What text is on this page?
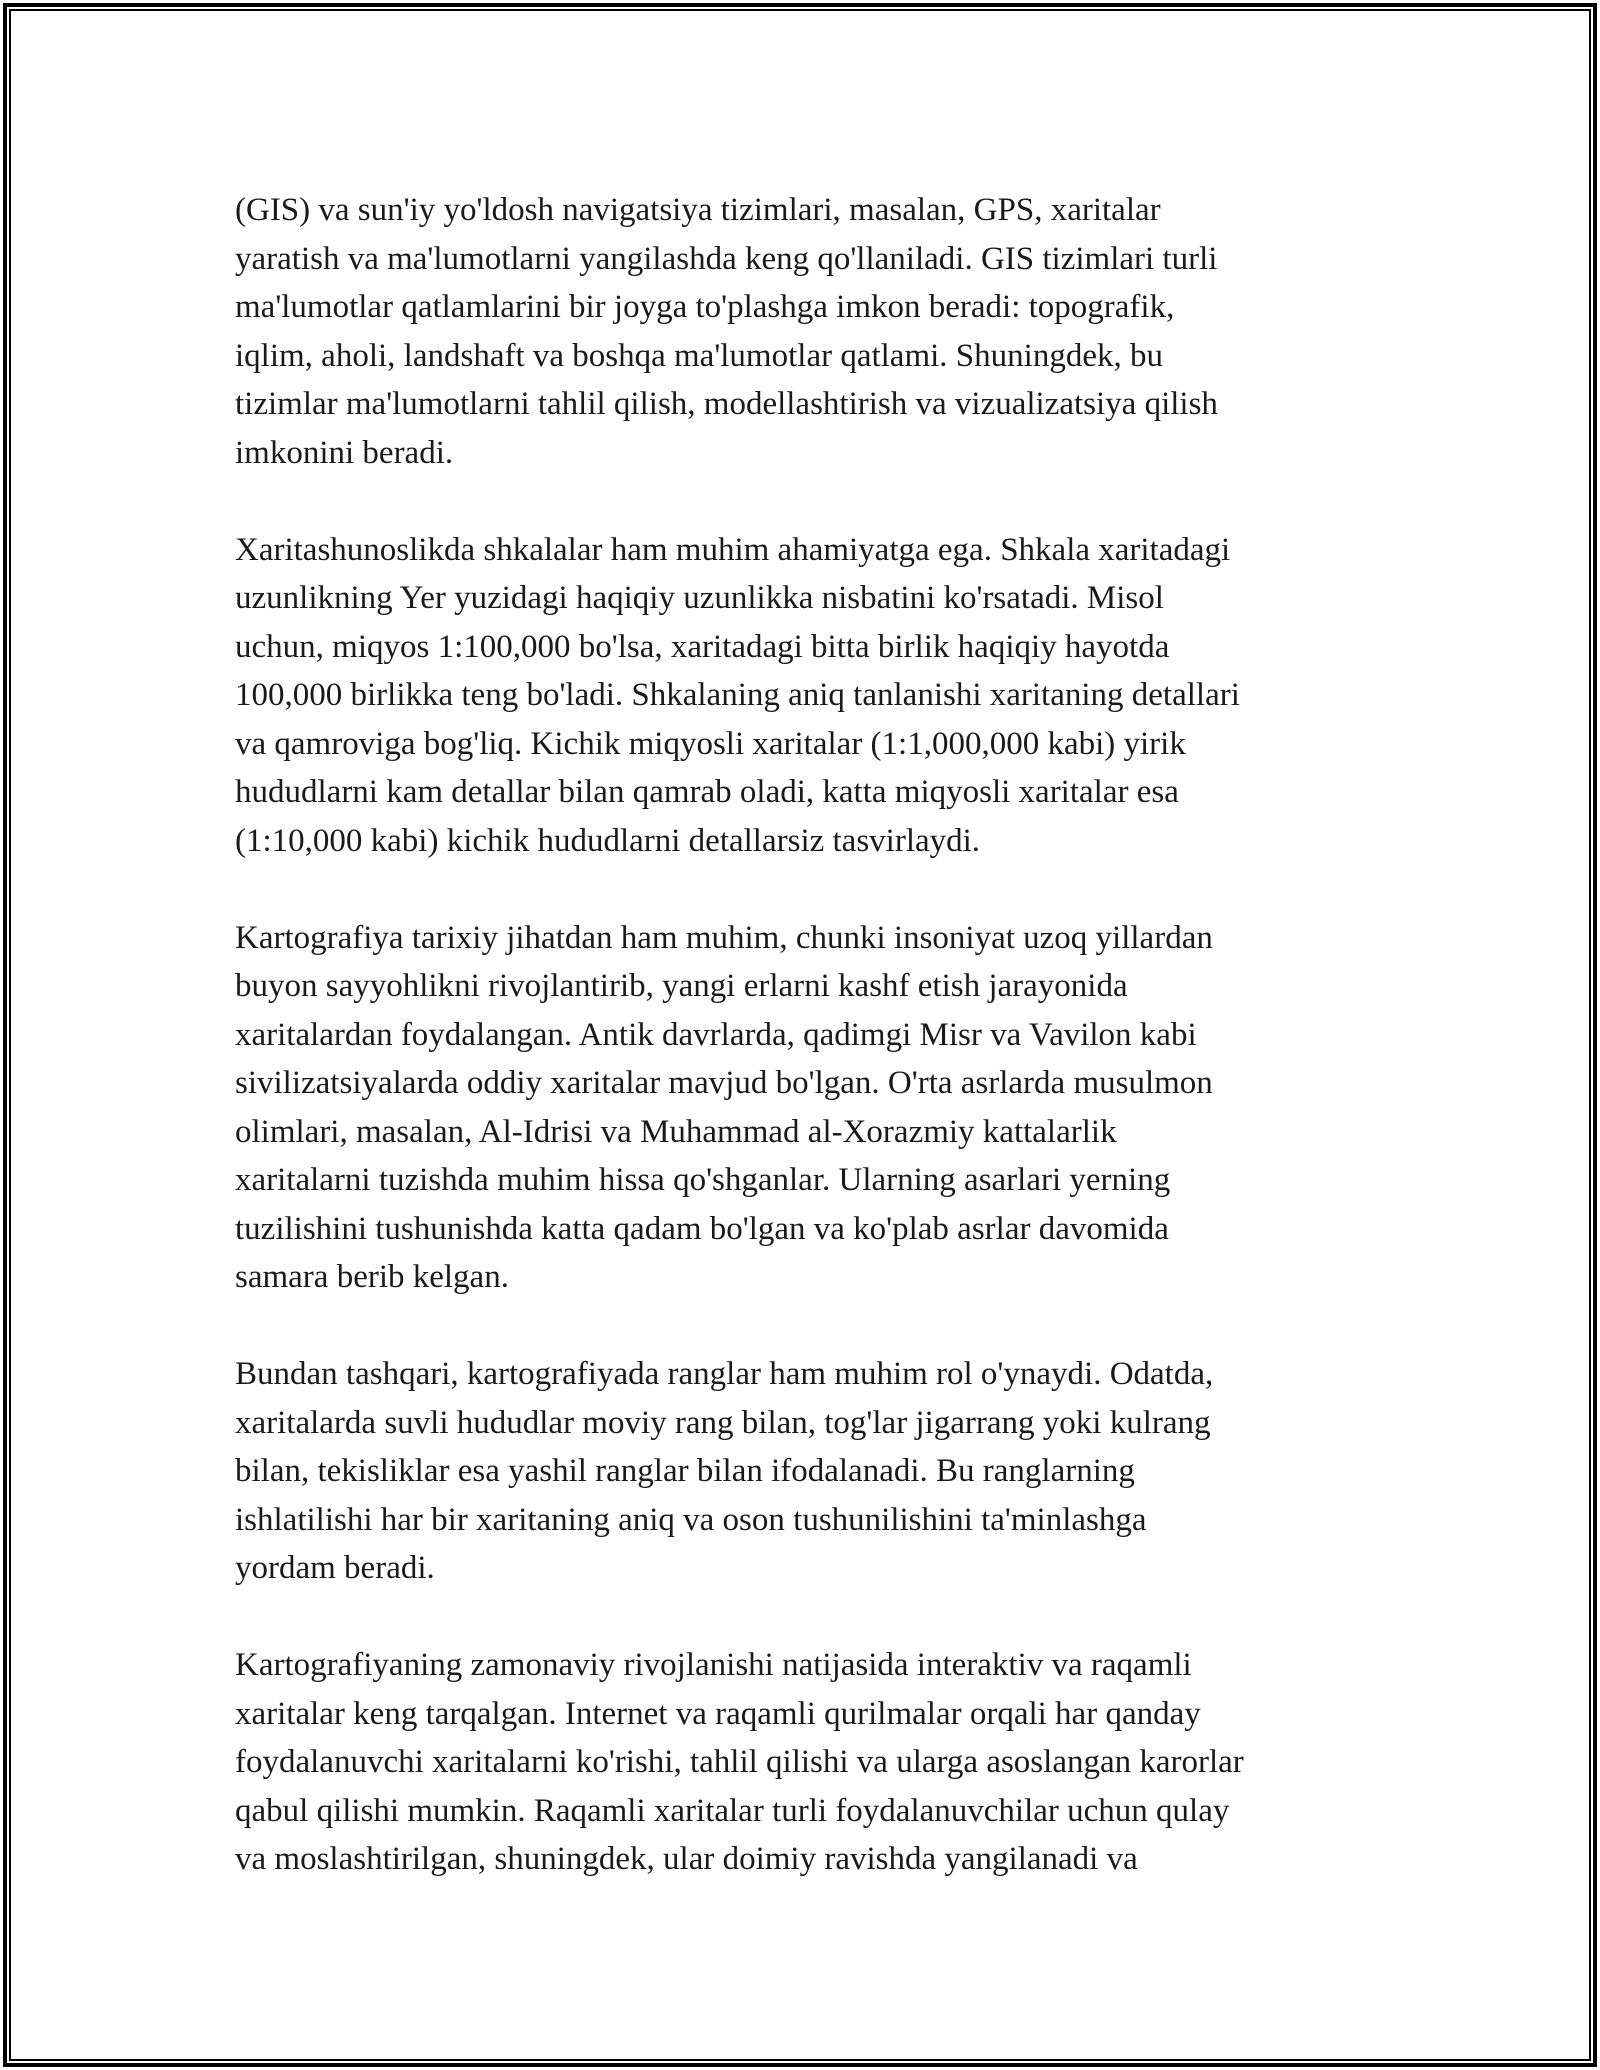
(GIS) va sun'iy yo'ldosh navigatsiya tizimlari, masalan, GPS, xaritalar
yaratish va ma'lumotlarni yangilashda keng qo'llaniladi. GIS tizimlari turli
ma'lumotlar qatlamlarini bir joyga to'plashga imkon beradi: topografik,
iqlim, aholi, landshaft va boshqa ma'lumotlar qatlami. Shuningdek, bu
tizimlar ma'lumotlarni tahlil qilish, modellashtirish va vizualizatsiya qilish
imkonini beradi.

Xaritashunoslikda shkalalar ham muhim ahamiyatga ega. Shkala xaritadagi
uzunlikning Yer yuzidagi haqiqiy uzunlikka nisbatini ko'rsatadi. Misol
uchun, miqyos 1:100,000 bo'lsa, xaritadagi bitta birlik haqiqiy hayotda
100,000 birlikka teng bo'ladi. Shkalaning aniq tanlanishi xaritaning detallari
va qamroviga bog'liq. Kichik miqyosli xaritalar (1:1,000,000 kabi) yirik
hududlarni kam detallar bilan qamrab oladi, katta miqyosli xaritalar esa
(1:10,000 kabi) kichik hududlarni detallarsiz tasvirlaydi.

Kartografiya tarixiy jihatdan ham muhim, chunki insoniyat uzoq yillardan
buyon sayyohlikni rivojlantirib, yangi erlarni kashf etish jarayonida
xaritalardan foydalangan. Antik davrlarda, qadimgi Misr va Vavilon kabi
sivilizatsiyalarda oddiy xaritalar mavjud bo'lgan. O'rta asrlarda musulmon
olimlari, masalan, Al-Idrisi va Muhammad al-Xorazmiy kattalarlik
xaritalarni tuzishda muhim hissa qo'shganlar. Ularning asarlari yerning
tuzilishini tushunishda katta qadam bo'lgan va ko'plab asrlar davomida
samara berib kelgan.

Bundan tashqari, kartografiyada ranglar ham muhim rol o'ynaydi. Odatda,
xaritalarda suvli hududlar moviy rang bilan, tog'lar jigarrang yoki kulrang
bilan, tekisliklar esa yashil ranglar bilan ifodalanadi. Bu ranglarning
ishlatilishi har bir xaritaning aniq va oson tushunilishini ta'minlashga
yordam beradi.

Kartografiyaning zamonaviy rivojlanishi natijasida interaktiv va raqamli
xaritalar keng tarqalgan. Internet va raqamli qurilmalar orqali har qanday
foydalanuvchi xaritalarni ko'rishi, tahlil qilishi va ularga asoslangan karorlar
qabul qilishi mumkin. Raqamli xaritalar turli foydalanuvchilar uchun qulay
va moslashtirilgan, shuningdek, ular doimiy ravishda yangilanadi va
